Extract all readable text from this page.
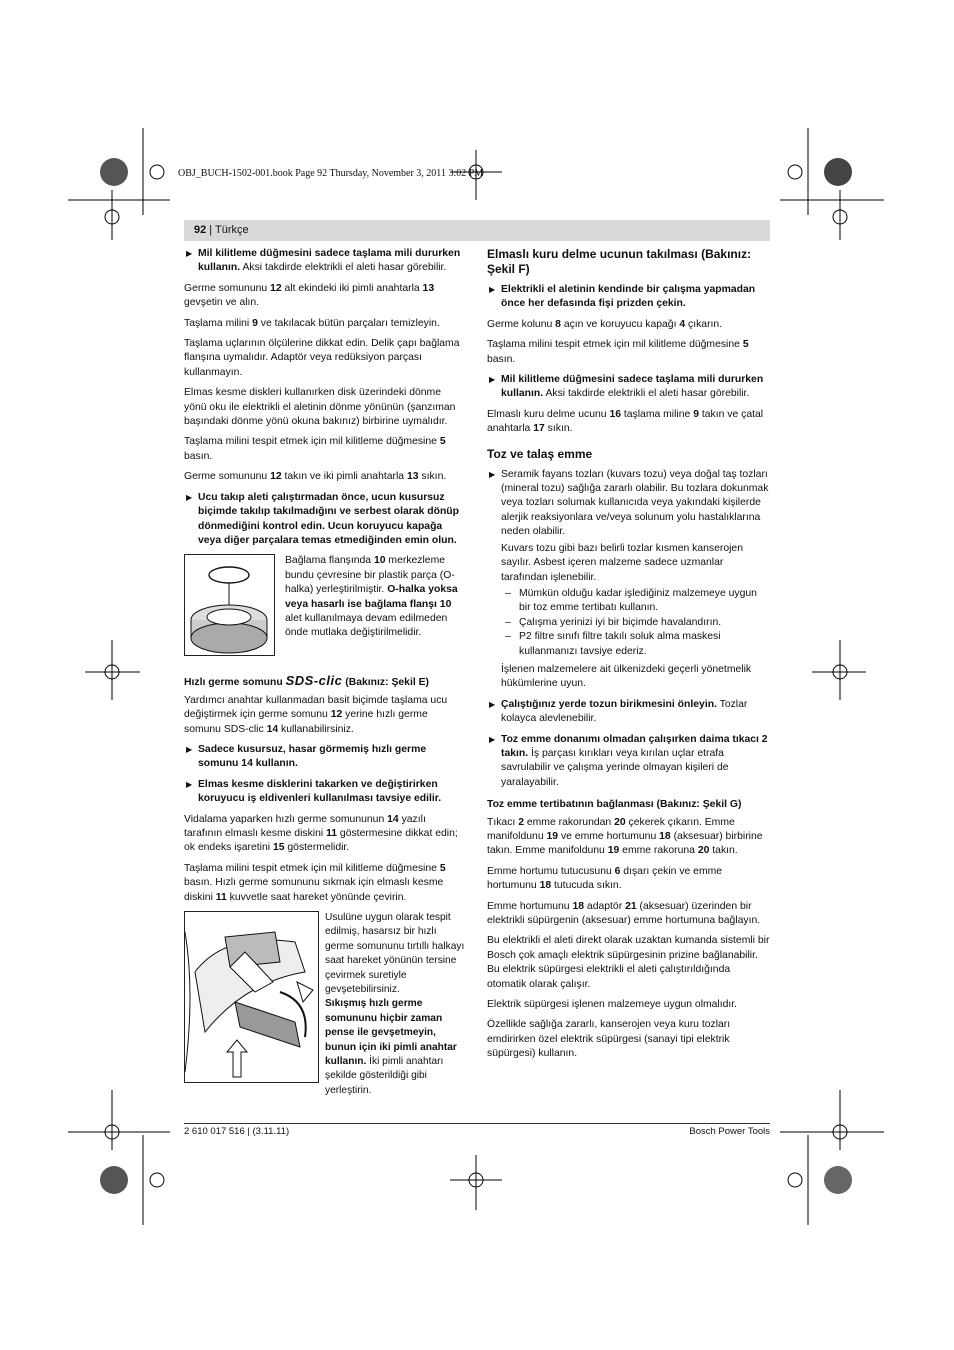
OBJ_BUCH-1502-001.book Page 92 Thursday, November 3, 2011 3:02 PM
92 | Türkçe
▶ Mil kilitleme düğmesini sadece taşlama mili dururken kullanın. Aksi takdirde elektrikli el aleti hasar görebilir.

Germe somununu 12 alt ekindeki iki pimli anahtarla 13 gevşetin ve alın.

Taşlama milini 9 ve takılacak bütün parçaları temizleyin.

Taşlama uçlarının ölçülerine dikkat edin. Delik çapı bağlama flanşına uymalıdır. Adaptör veya redüksiyon parçası kullanmayın.

Elmas kesme diskleri kullanırken disk üzerindeki dönme yönü oku ile elektrikli el aletinin dönme yönünün (şanzıman başındaki dönme yönü okuna bakınız) birbirine uymalıdır.

Taşlama milini tespit etmek için mil kilitleme düğmesine 5 basın.

Germe somununu 12 takın ve iki pimli anahtarla 13 sıkın.

▶ Ucu takıp aleti çalıştırmadan önce, ucun kusursuz biçimde takılıp takılmadığını ve serbest olarak dönüp dönmediğini kontrol edin. Ucun koruyucu kapağa veya diğer parçalara temas etmediğinden emin olun.
Bağlama flanşında 10 merkezleme bundu çevresine bir plastik parça (O-halka) yerleştirilmiştir. O-halka yoksa veya hasarlı ise bağlama flanşı 10 alet kullanılmaya devam edilmeden önde mutlaka değiştirilmelidir.
Hızlı germe somunu SDS-clic (Bakınız: Şekil E)

Yardımcı anahtar kullanmadan basit biçimde taşlama ucu değiştirmek için germe somunu 12 yerine hızlı germe somunu SDS-clic 14 kullanabilirsiniz.

▶ Sadece kusursuz, hasar görmemiş hızlı germe somunu 14 kullanın.
▶ Elmas kesme disklerini takarken ve değiştirirken koruyucu iş eldivenleri kullanılması tavsiye edilir.

Vidalama yaparken hızlı germe somununun 14 yazılı tarafının elmaslı kesme diskini 11 göstermesine dikkat edin; ok endeks işaretini 15 göstermelidir.

Taşlama milini tespit etmek için mil kilitleme düğmesine 5 basın. Hızlı germe somununu sıkmak için elmaslı kesme diskini 11 kuvvetle saat hareket yönünde çevirin.

Usulüne uygun olarak tespit edilmiş, hasarsız bir hızlı germe somununu tırtıllı halkayı saat hareket yönünün tersine çevirmek suretiyle gevşetebilirsiniz.
Sıkışmış hızlı germe somununu hiçbir zaman pense ile gevşetmeyin, bunun için iki pimli anahtar kullanın. İki pimli anahtarı şekilde gösterildiği gibi yerleştirin.
Elmaslı kuru delme ucunun takılması (Bakınız: Şekil F)
▶ Elektrikli el aletinin kendinde bir çalışma yapmadan önce her defasında fişi prizden çekin.

Germe kolunu 8 açın ve koruyucu kapağı 4 çıkarın.

Taşlama milini tespit etmek için mil kilitleme düğmesine 5 basın.

▶ Mil kilitleme düğmesini sadece taşlama mili dururken kullanın. Aksi takdirde elektrikli el aleti hasar görebilir.

Elmaslı kuru delme ucunu 16 taşlama miline 9 takın ve çatal anahtarla 17 sıkın.

Toz ve talaş emme
▶ Seramik fayans tozları (kuvars tozu) veya doğal taş tozları (mineral tozu) sağlığa zararlı olabilir. Bu tozlara dokunmak veya tozları solumak kullanıcıda veya yakındaki kişilerde alerjik reaksiyonlara ve/veya solunum yolu hastalıklarına neden olabilir.
Kuvars tozu gibi bazı belirli tozlar kısmen kanserojen sayılır. Asbest içeren malzeme sadece uzmanlar tarafından işlenebilir.
– Mümkün olduğu kadar işlediğiniz malzemeye uygun bir toz emme tertibatı kullanın.
– Çalışma yerinizi iyi bir biçimde havalandırın.
– P2 filtre sınıfı filtre takılı soluk alma maskesi kullanmanızı tavsiye ederiz.
İşlenen malzemelere ait ülkenizdeki geçerli yönetmelik hükümlerine uyun.
▶ Çalıştığınız yerde tozun birikmesini önleyin. Tozlar kolayca alevlenebilir.
▶ Toz emme donanımı olmadan çalışırken daima tıkacı 2 takın. İş parçası kırıkları veya kırılan uçlar etrafa savrulabilir ve çalışma yerinde olmayan kişileri de yaralayabilir.
Toz emme tertibatının bağlanması (Bakınız: Şekil G)

Tıkacı 2 emme rakorundan 20 çekerek çıkarın. Emme manifoldunu 19 ve emme hortumunu 18 (aksesuar) birbirine takın. Emme manifoldunu 19 emme rakoruna 20 takın.

Emme hortumu tutucusunu 6 dışarı çekin ve emme hortumunu 18 tutucuda sıkın.

Emme hortumunu 18 adaptör 21 (aksesuar) üzerinden bir elektrikli süpürgenin (aksesuar) emme hortumuna bağlayın.

Bu elektrikli el aleti direkt olarak uzaktan kumanda sistemli bir Bosch çok amaçlı elektrik süpürgesinin prizine bağlanabilir. Bu elektrik süpürgesi elektrikli el aleti çalıştırıldığında otomatik olarak çalışır.

Elektrik süpürgesi işlenen malzemeye uygun olmalıdır.

Özellikle sağlığa zararlı, kanserojen veya kuru tozları emdirirken özel elektrik süpürgesi (sanayi tipi elektrik süpürgesi) kullanın.

2 610 017 516 | (3.11.11)	Bosch Power Tools
